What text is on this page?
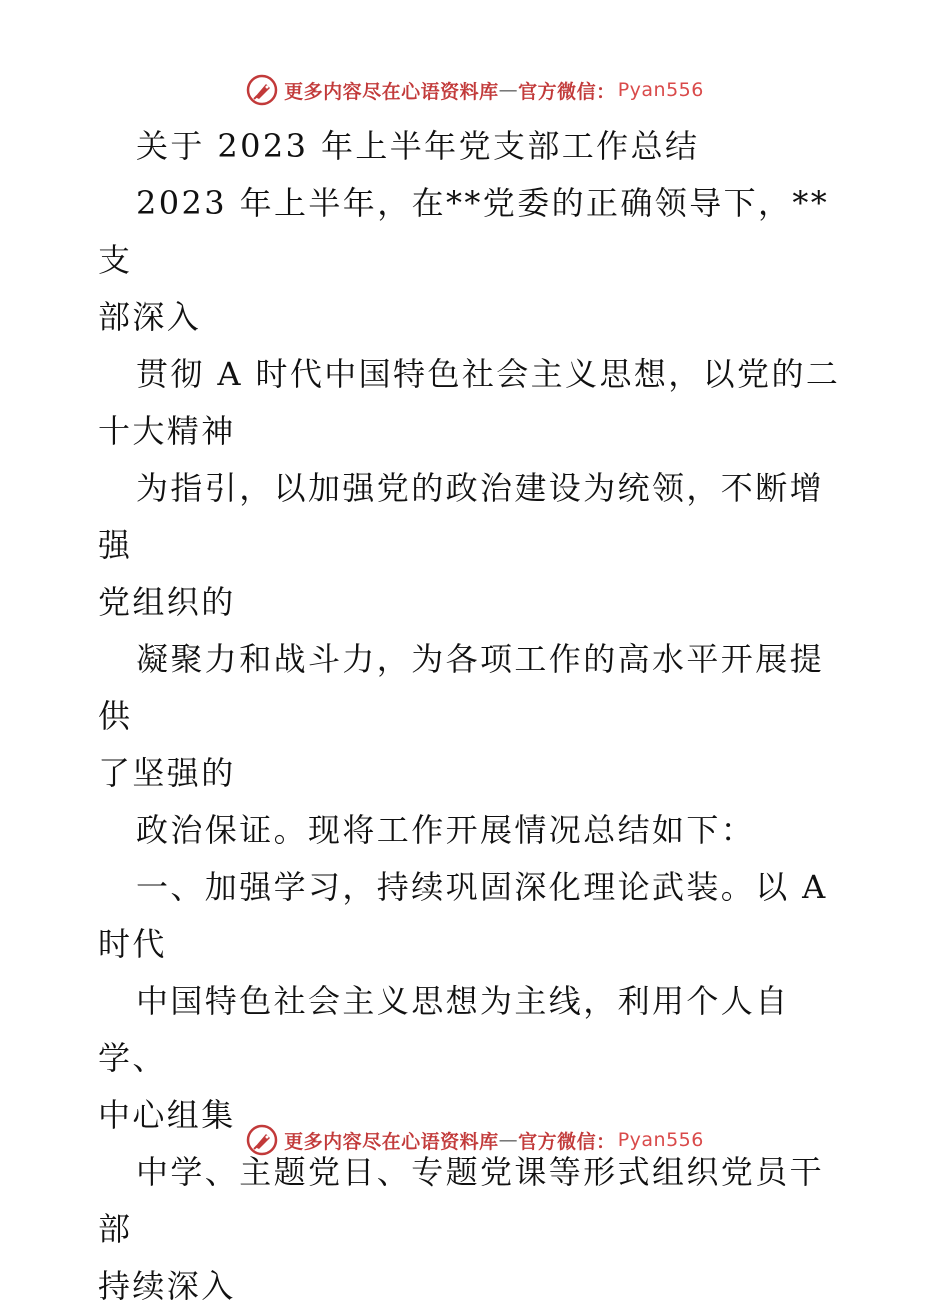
更多内容尽在心语资料库 — 官方微信： Pyan556

关于 2023 年上半年党支部工作总结

2023 年上半年，在**党委的正确领导下，**支

部深入

贯彻 A 时代中国特色社会主义思想，以党的二

十大精神

为指引，以加强党的政治建设为统领，不断增强

党组织的

凝聚力和战斗力，为各项工作的高水平开展提供

了坚强的

政治保证。现将工作开展情况总结如下：

一、加强学习，持续巩固深化理论武装。以 A

时代

中国特色社会主义思想为主线，利用个人自学、

中心组集

中学、主题党日、专题党课等形式组织党员干部

持续深入

更多内容尽在心语资料库 — 官方微信： Pyan556
